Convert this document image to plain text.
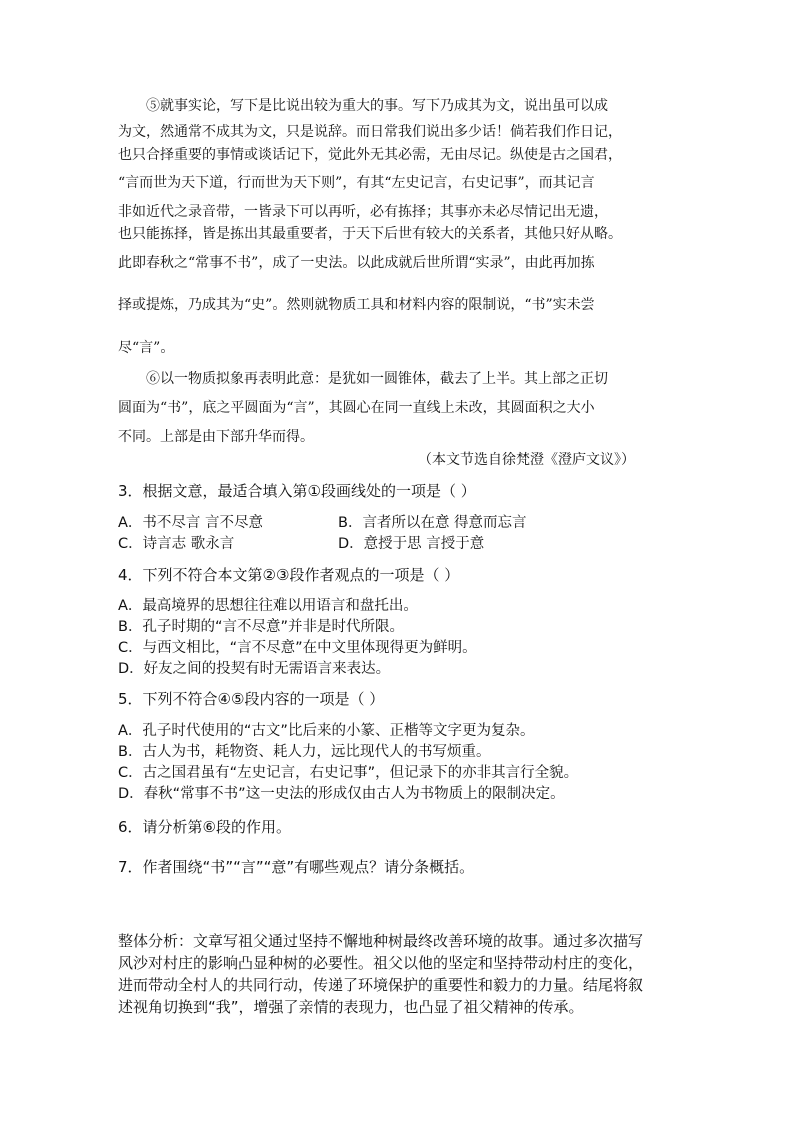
⑤就事实论，写下是比说出较为重大的事。写下乃成其为文，说出虽可以成
为文，然通常不成其为文，只是说辞。而日常我们说出多少话！倘若我们作日记，
也只合择重要的事情或谈话记下，觉此外无其必需，无由尽记。纵使是古之国君，
“言而世为天下道，行而世为天下则”，有其“左史记言，右史记事”，而其记言
非如近代之录音带，一皆录下可以再听，必有拣择；其事亦未必尽情记出无遗，
也只能拣择，皆是拣出其最重要者，于天下后世有较大的关系者，其他只好从略。
此即春秋之“常事不书”，成了一史法。以此成就后世所谓“实录”，由此再加拣
择或提炼，乃成其为“史”。然则就物质工具和材料内容的限制说，“书”实未尝
尽“言”。
⑥以一物质拟象再表明此意：是犹如一圆锥体，截去了上半。其上部之正切
圆面为“书”，底之平圆面为“言”，其圆心在同一直线上未改，其圆面积之大小
不同。上部是由下部升华而得。
（本文节选自徐梵澄《澄庐文议》）
3．根据文意，最适合填入第①段画线处的一项是（ ）
A．书不尽言 言不尽意	B．言者所以在意 得意而忘言
C．诗言志 歌永言	D．意授于思 言授于意
4．下列不符合本文第②③段作者观点的一项是（ ）
A．最高境界的思想往往难以用语言和盘托出。
B．孔子时期的“言不尽意”并非是时代所限。
C．与西文相比，“言不尽意”在中文里体现得更为鲜明。
D．好友之间的投契有时无需语言来表达。
5．下列不符合④⑤段内容的一项是（ ）
A．孔子时代使用的“古文”比后来的小篆、正楷等文字更为复杂。
B．古人为书，耗物资、耗人力，远比现代人的书写烦重。
C．古之国君虽有“左史记言，右史记事”，但记录下的亦非其言行全貌。
D．春秋“常事不书”这一史法的形成仅由古人为书物质上的限制决定。
6．请分析第⑥段的作用。
7．作者围绕“书”“言”“意”有哪些观点？请分条概括。
整体分析：文章写祖父通过坚持不懈地种树最终改善环境的故事。通过多次描写
风沙对村庄的影响凸显种树的必要性。祖父以他的坚定和坚持带动村庄的变化，
进而带动全村人的共同行动，传递了环境保护的重要性和毅力的力量。结尾将叙
述视角切换到“我”，增强了亲情的表现力，也凸显了祖父精神的传承。
